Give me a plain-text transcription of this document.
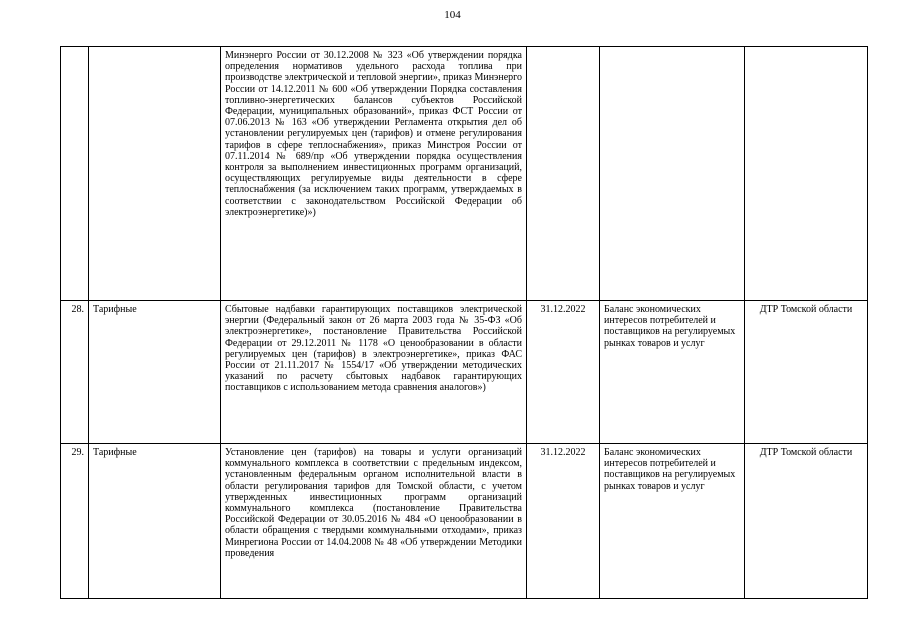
104
		Минэнерго России от 30.12.2008 № 323 «Об утверждении порядка определения нормативов удельного расхода топлива при производстве электрической и тепловой энергии», приказ Минэнерго России от 14.12.2011 № 600 «Об утверждении Порядка составления топливно-энергетических балансов субъектов Российской Федерации, муниципальных образований», приказ ФСТ России от 07.06.2013 № 163 «Об утверждении Регламента открытия дел об установлении регулируемых цен (тарифов) и отмене регулирования тарифов в сфере теплоснабжения», приказ Минстроя России от 07.11.2014 № 689/пр «Об утверждении порядка осуществления контроля за выполнением инвестиционных программ организаций, осуществляющих регулируемые виды деятельности в сфере теплоснабжения (за исключением таких программ, утверждаемых в соответствии с законодательством Российской Федерации об электроэнергетике)»)			
28.	Тарифные	Сбытовые надбавки гарантирующих поставщиков электрической энергии (Федеральный закон от 26 марта 2003 года № 35-ФЗ «Об электроэнергетике», постановление Правительства Российской Федерации от 29.12.2011 № 1178 «О ценообразовании в области регулируемых цен (тарифов) в электроэнергетике», приказ ФАС России от 21.11.2017 № 1554/17 «Об утверждении методических указаний по расчету сбытовых надбавок гарантирующих поставщиков с использованием метода сравнения аналогов»)	31.12.2022	Баланс экономических интересов потребителей и поставщиков на регулируемых рынках товаров и услуг	ДТР Томской области
29.	Тарифные	Установление цен (тарифов) на товары и услуги организаций коммунального комплекса в соответствии с предельным индексом, установленным федеральным органом исполнительной власти в области регулирования тарифов для Томской области, с учетом утвержденных инвестиционных программ организаций коммунального комплекса (постановление Правительства Российской Федерации от 30.05.2016 № 484 «О ценообразовании в области обращения с твердыми коммунальными отходами», приказ Минрегиона России от 14.04.2008 № 48 «Об утверждении Методики проведения	31.12.2022	Баланс экономических интересов потребителей и поставщиков на регулируемых рынках товаров и услуг	ДТР Томской области
